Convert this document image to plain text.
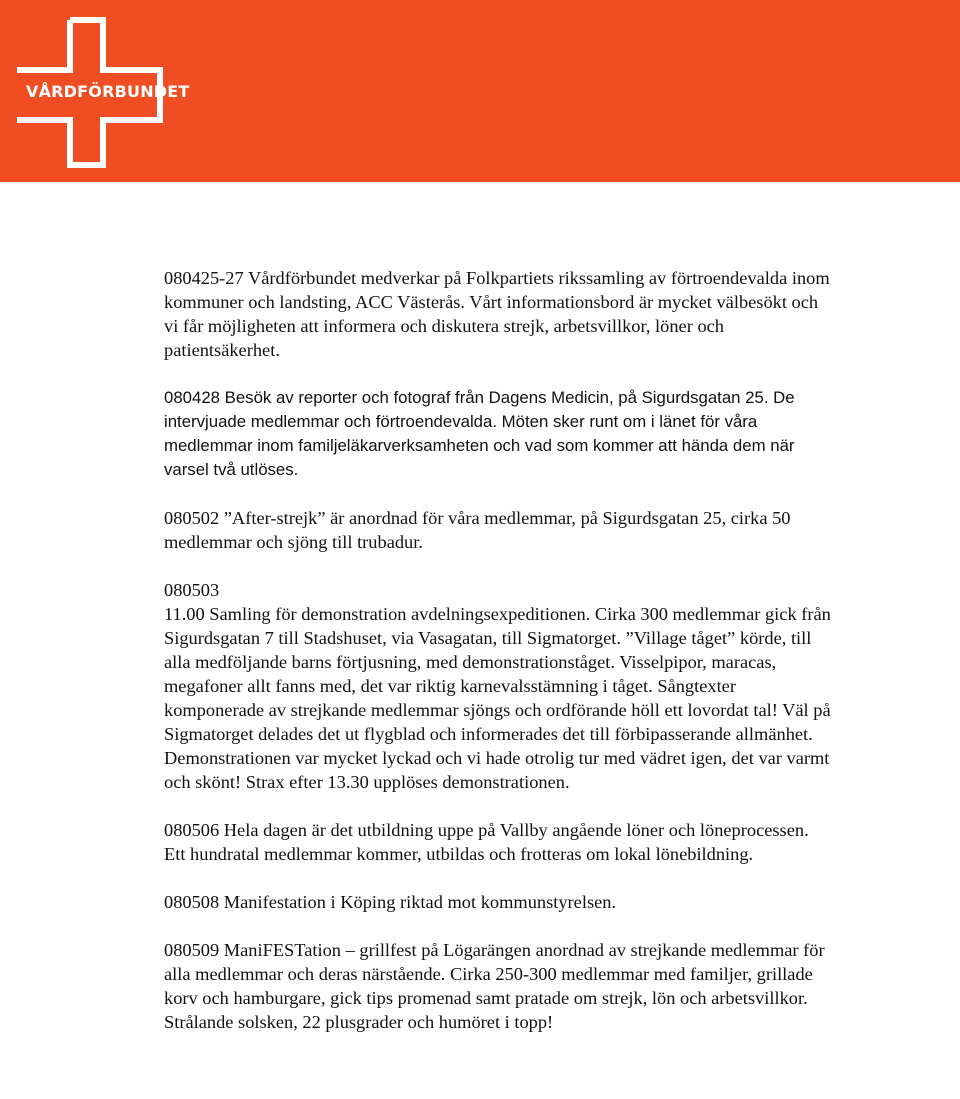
VÅRDFÖRBUNDET

080425-27 Vårdförbundet medverkar på Folkpartiets rikssamling av förtroendevalda inom kommuner och landsting, ACC Västerås. Vårt informationsbord är mycket välbesökt och vi får möjligheten att informera och diskutera strejk, arbetsvillkor, löner och patientsäkerhet.

080428 Besök av reporter och fotograf från Dagens Medicin, på Sigurdsgatan 25. De intervjuade medlemmar och förtroendevalda. Möten sker runt om i länet för våra medlemmar inom familjeläkarverksamheten och vad som kommer att hända dem när varsel två utlöses.

080502 ”After-strejk” är anordnad för våra medlemmar, på Sigurdsgatan 25, cirka 50 medlemmar och sjöng till trubadur.

080503

11.00 Samling för demonstration avdelningsexpeditionen. Cirka 300 medlemmar gick från Sigurdsgatan 7 till Stadshuset, via Vasagatan, till Sigmatorget. ”Village tåget” körde, till alla medföljande barns förtjusning, med demonstrationståget. Visselpipor, maracas, megafoner allt fanns med, det var riktig karnevalsstämning i tåget. Sångtexter komponerade av strejkande medlemmar sjöngs och ordförande höll ett lovordat tal! Väl på Sigmatorget delades det ut flygblad och informerades det till förbipasserande allmänhet. Demonstrationen var mycket lyckad och vi hade otrolig tur med vädret igen, det var varmt och skönt! Strax efter 13.30 upplöses demonstrationen.

080506 Hela dagen är det utbildning uppe på Vallby angående löner och löneprocessen. Ett hundratal medlemmar kommer, utbildas och frotteras om lokal lönebildning.

080508 Manifestation i Köping riktad mot kommunstyrelsen.

080509 ManiFESTation – grillfest på Lögarängen anordnad av strejkande medlemmar för alla medlemmar och deras närstående. Cirka 250-300 medlemmar med familjer, grillade korv och hamburgare, gick tips promenad samt pratade om strejk, lön och arbetsvillkor. Strålande solsken, 22 plusgrader och humöret i topp!
